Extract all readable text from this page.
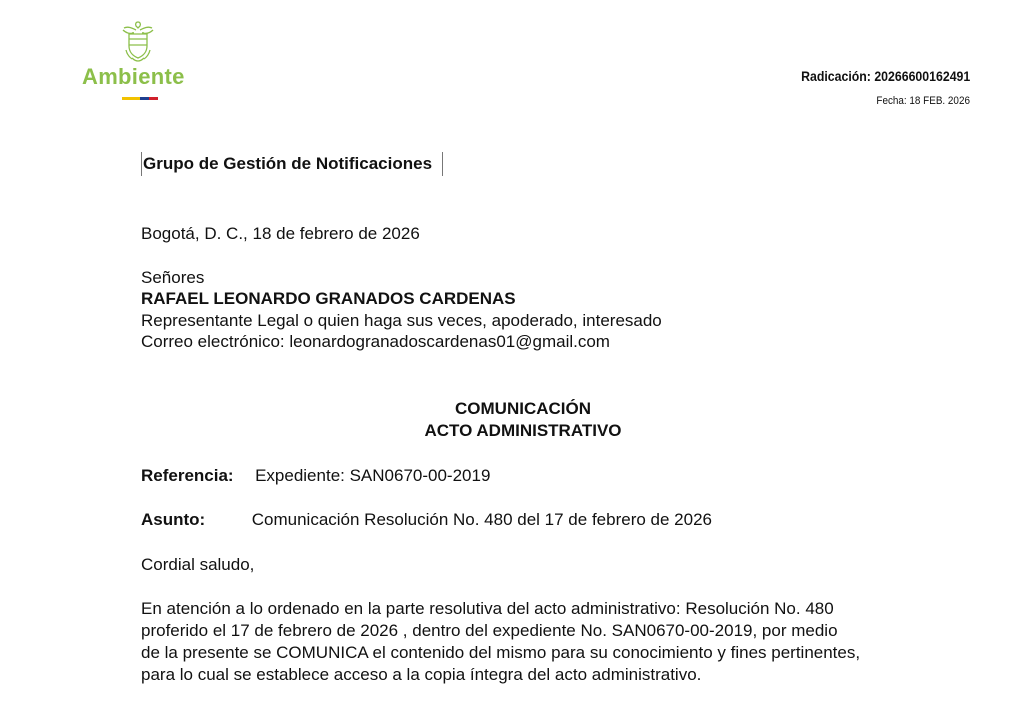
Ambiente	Radicación: 20266600162491
Fecha: 18 FEB. 2026
Grupo de Gestión de Notificaciones
Bogotá, D. C., 18 de febrero de 2026
Señores
RAFAEL LEONARDO GRANADOS CARDENAS
Representante Legal o quien haga sus veces, apoderado, interesado
Correo electrónico: leonardogranadoscardenas01@gmail.com
COMUNICACIÓN
ACTO ADMINISTRATIVO
Referencia: Expediente: SAN0670-00-2019
Asunto:	Comunicación Resolución No. 480 del 17 de febrero de 2026
Cordial saludo,
En atención a lo ordenado en la parte resolutiva del acto administrativo: Resolución No. 480
proferido el 17 de febrero de 2026 , dentro del expediente No. SAN0670-00-2019, por medio
de la presente se COMUNICA el contenido del mismo para su conocimiento y fines pertinentes,
para lo cual se establece acceso a la copia íntegra del acto administrativo.
